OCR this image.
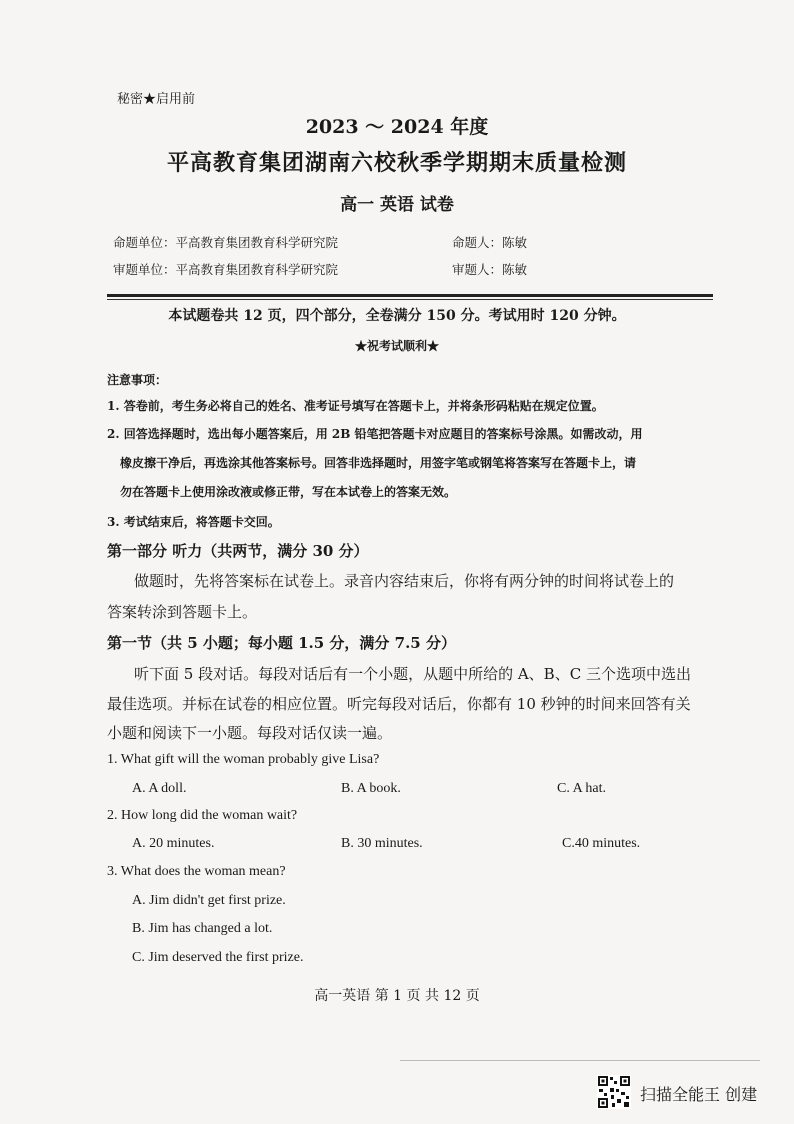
秘密★启用前
2023 ～ 2024 年度
平高教育集团湖南六校秋季学期期末质量检测
高一 英语 试卷
命题单位：平高教育集团教育科学研究院	命题人：陈敏
审题单位：平高教育集团教育科学研究院	审题人：陈敏
本试题卷共 12 页，四个部分，全卷满分 150 分。考试用时 120 分钟。
★祝考试顺利★
注意事项：
1. 答卷前，考生务必将自己的姓名、准考证号填写在答题卡上，并将条形码粘贴在规定位置。
2. 回答选择题时，选出每小题答案后，用 2B 铅笔把答题卡对应题目的答案标号涂黑。如需改动，用
橡皮擦干净后，再选涂其他答案标号。回答非选择题时，用签字笔或钢笔将答案写在答题卡上，请
勿在答题卡上使用涂改液或修正带，写在本试卷上的答案无效。
3. 考试结束后，将答题卡交回。
第一部分 听力（共两节，满分 30 分）
做题时，先将答案标在试卷上。录音内容结束后，你将有两分钟的时间将试卷上的
答案转涂到答题卡上。
第一节（共 5 小题；每小题 1.5 分，满分 7.5 分）
听下面 5 段对话。每段对话后有一个小题，从题中所给的 A、B、C 三个选项中选出
最佳选项。并标在试卷的相应位置。听完每段对话后，你都有 10 秒钟的时间来回答有关
小题和阅读下一小题。每段对话仅读一遍。
1. What gift will the woman probably give Lisa?
A. A doll.	B. A book.	C. A hat.
2. How long did the woman wait?
A. 20 minutes.	B. 30 minutes.	C.40 minutes.
3. What does the woman mean?
A. Jim didn't get first prize.
B. Jim has changed a lot.
C. Jim deserved the first prize.
高一英语 第 1 页 共 12 页
扫描全能王 创建
